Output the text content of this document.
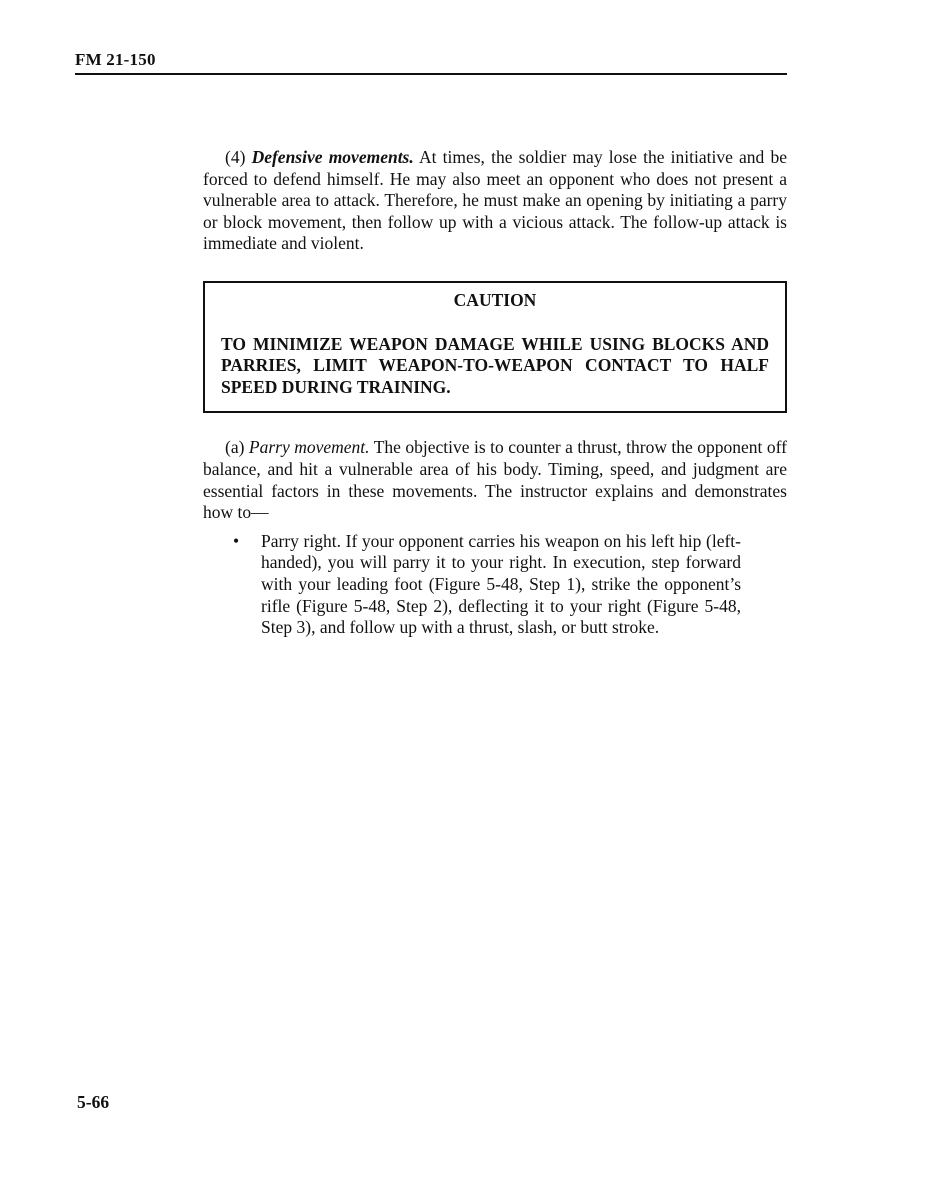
FM 21-150

(4) Defensive movements. At times, the soldier may lose the initiative and be forced to defend himself. He may also meet an opponent who does not present a vulnerable area to attack. Therefore, he must make an opening by initiating a parry or block movement, then follow up with a vicious attack. The follow-up attack is immediate and violent.

CAUTION

TO MINIMIZE WEAPON DAMAGE WHILE USING BLOCKS AND PARRIES, LIMIT WEAPON-TO-WEAPON CONTACT TO HALF SPEED DURING TRAINING.

(a) Parry movement. The objective is to counter a thrust, throw the opponent off balance, and hit a vulnerable area of his body. Timing, speed, and judgment are essential factors in these movements. The instructor explains and demonstrates how to—

•	Parry right. If your opponent carries his weapon on his left hip (left-handed), you will parry it to your right. In execution, step forward with your leading foot (Figure 5-48, Step 1), strike the opponent’s rifle (Figure 5-48, Step 2), deflecting it to your right (Figure 5-48, Step 3), and follow up with a thrust, slash, or butt stroke.
5-66
